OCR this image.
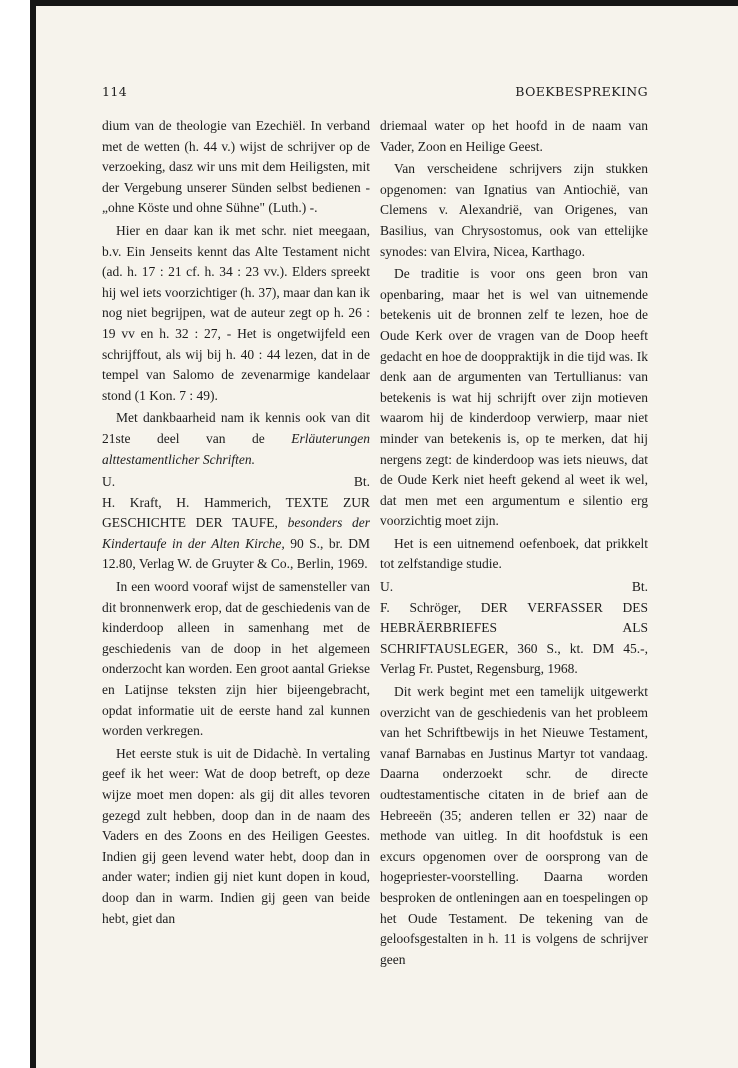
114	BOEKBESPREKING

dium van de theologie van Ezechiël. In verband met de wetten (h. 44 v.) wijst de schrijver op de verzoeking, dasz wir uns mit dem Heiligsten, mit der Vergebung unserer Sünden selbst bedienen - „ohne Köste und ohne Sühne" (Luth.) -.

Hier en daar kan ik met schr. niet meegaan, b.v. Ein Jenseits kennt das Alte Testament nicht (ad. h. 17 : 21 cf. h. 34 : 23 vv.). Elders spreekt hij wel iets voorzichtiger (h. 37), maar dan kan ik nog niet begrijpen, wat de auteur zegt op h. 26 : 19 vv en h. 32 : 27, - Het is ongetwijfeld een schrijffout, als wij bij h. 40 : 44 lezen, dat in de tempel van Salomo de zevenarmige kandelaar stond (1 Kon. 7 : 49).

Met dankbaarheid nam ik kennis ook van dit 21ste deel van de Erläuterungen alttestamentlicher Schriften.

U.	Bt.

H. Kraft, H. Hammerich, TEXTE ZUR GESCHICHTE DER TAUFE, besonders der Kindertaufe in der Alten Kirche, 90 S., br. DM 12.80, Verlag W. de Gruyter & Co., Berlin, 1969.

In een woord vooraf wijst de samensteller van dit bronnenwerk erop, dat de geschiedenis van de kinderdoop alleen in samenhang met de geschiedenis van de doop in het algemeen onderzocht kan worden. Een groot aantal Griekse en Latijnse teksten zijn hier bijeengebracht, opdat informatie uit de eerste hand zal kunnen worden verkregen.

Het eerste stuk is uit de Didachè. In vertaling geef ik het weer: Wat de doop betreft, op deze wijze moet men dopen: als gij dit alles tevoren gezegd zult hebben, doop dan in de naam des Vaders en des Zoons en des Heiligen Geestes. Indien gij geen levend water hebt, doop dan in ander water; indien gij niet kunt dopen in koud, doop dan in warm. Indien gij geen van beide hebt, giet dan

driemaal water op het hoofd in de naam van Vader, Zoon en Heilige Geest.

Van verscheidene schrijvers zijn stukken opgenomen: van Ignatius van Antiochië, van Clemens v. Alexandrië, van Origenes, van Basilius, van Chrysostomus, ook van ettelijke synodes: van Elvira, Nicea, Karthago.

De traditie is voor ons geen bron van openbaring, maar het is wel van uitnemende betekenis uit de bronnen zelf te lezen, hoe de Oude Kerk over de vragen van de Doop heeft gedacht en hoe de dooppraktijk in die tijd was. Ik denk aan de argumenten van Tertullianus: van betekenis is wat hij schrijft over zijn motieven waarom hij de kinderdoop verwierp, maar niet minder van betekenis is, op te merken, dat hij nergens zegt: de kinderdoop was iets nieuws, dat de Oude Kerk niet heeft gekend al weet ik wel, dat men met een argumentum e silentio erg voorzichtig moet zijn.

Het is een uitnemend oefenboek, dat prikkelt tot zelfstandige studie.

U.	Bt.

F. Schröger, DER VERFASSER DES HEBRÄERBRIEFES ALS SCHRIFTAUSLEGER, 360 S., kt. DM 45.-, Verlag Fr. Pustet, Regensburg, 1968.

Dit werk begint met een tamelijk uitgewerkt overzicht van de geschiedenis van het probleem van het Schriftbewijs in het Nieuwe Testament, vanaf Barnabas en Justinus Martyr tot vandaag. Daarna onderzoekt schr. de directe oudtestamentische citaten in de brief aan de Hebreeën (35; anderen tellen er 32) naar de methode van uitleg. In dit hoofdstuk is een excurs opgenomen over de oorsprong van de hogepriester-voorstelling. Daarna worden besproken de ontleningen aan en toespelingen op het Oude Testament. De tekening van de geloofsgestalten in h. 11 is volgens de schrijver geen
